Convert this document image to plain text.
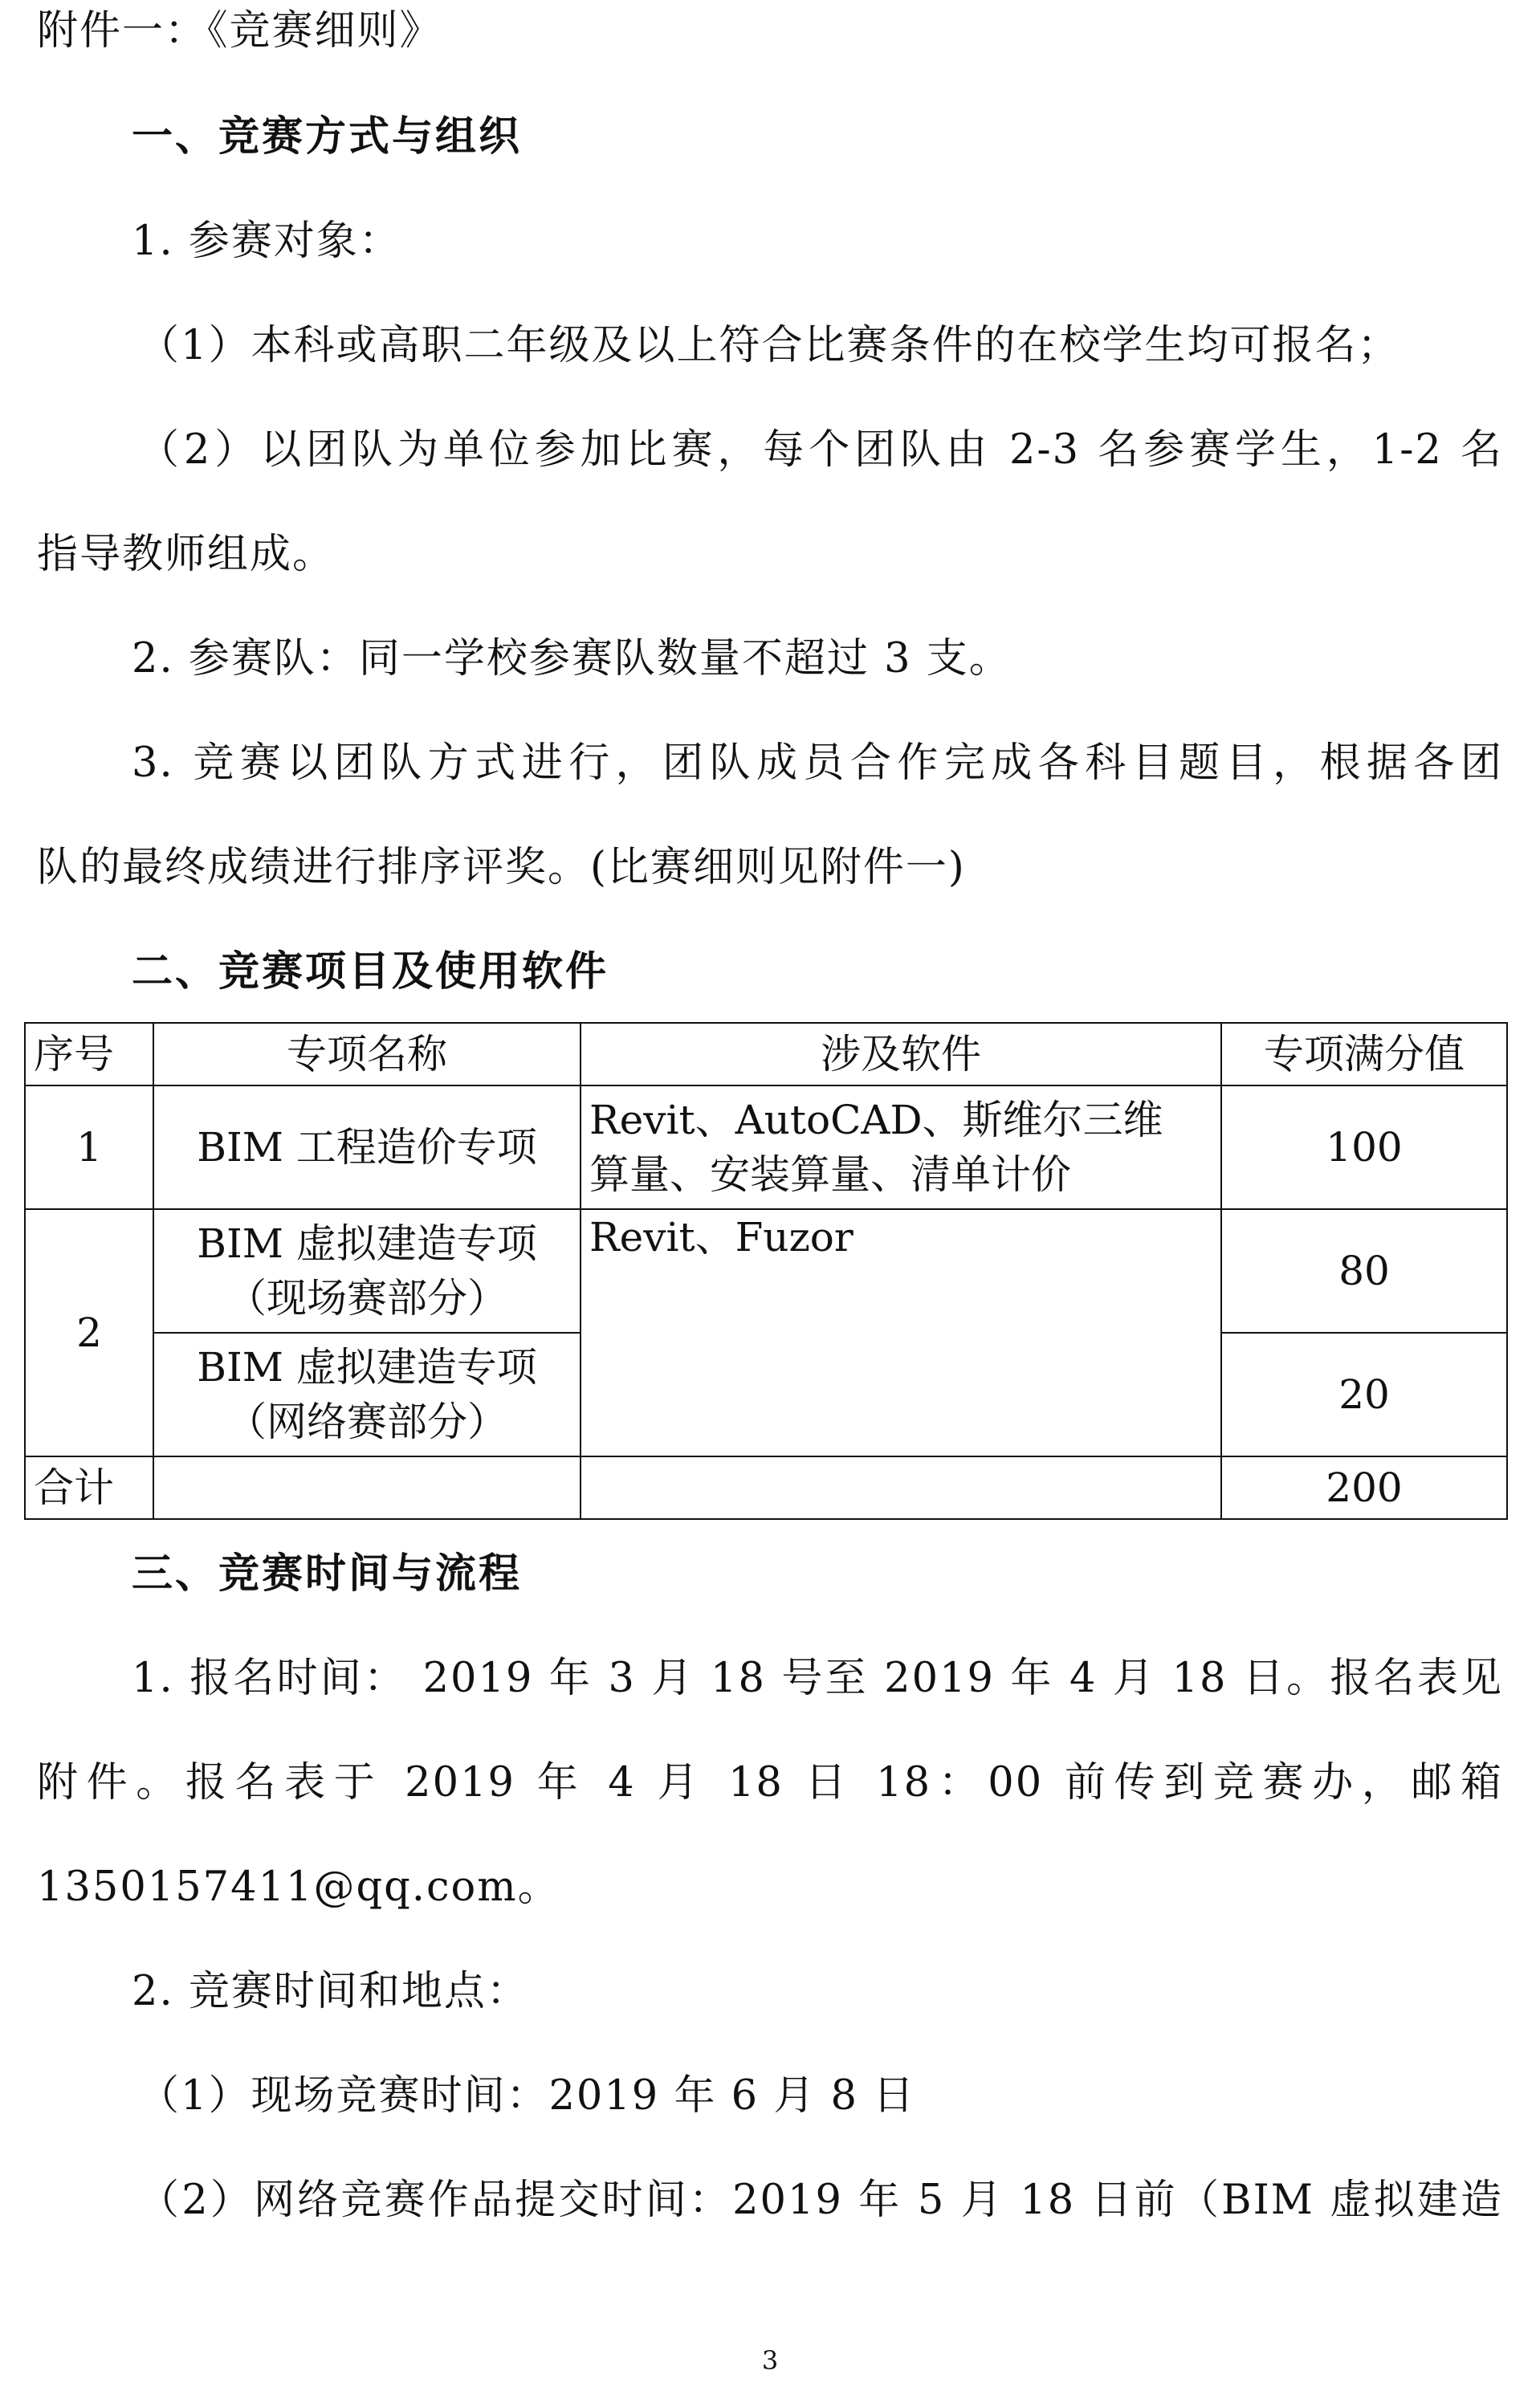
附件一：《竞赛细则》
一、竞赛方式与组织
1. 参赛对象：
（1）本科或高职二年级及以上符合比赛条件的在校学生均可报名；
（2）以团队为单位参加比赛，每个团队由 2-3 名参赛学生，1-2 名
指导教师组成。
2. 参赛队：同一学校参赛队数量不超过 3 支。
3. 竞赛以团队方式进行，团队成员合作完成各科目题目，根据各团
队的最终成绩进行排序评奖。(比赛细则见附件一)
二、竞赛项目及使用软件
序号	专项名称	涉及软件	专项满分值
1	BIM 工程造价专项	Revit、AutoCAD、斯维尔三维
算量、安装算量、清单计价	100
2	BIM 虚拟建造专项
（现场赛部分）	Revit、Fuzor	80

	BIM 虚拟建造专项
（网络赛部分）		20
合计			200
三、竞赛时间与流程
1. 报名时间： 2019 年 3 月 18 号至 2019 年 4 月 18 日。报名表见
附件。报名表于 2019 年 4 月 18 日 18：00 前传到竞赛办，邮箱
1350157411@qq.com。
2. 竞赛时间和地点：
（1）现场竞赛时间：2019 年 6 月 8 日
（2）网络竞赛作品提交时间：2019 年 5 月 18 日前（BIM 虚拟建造
3
